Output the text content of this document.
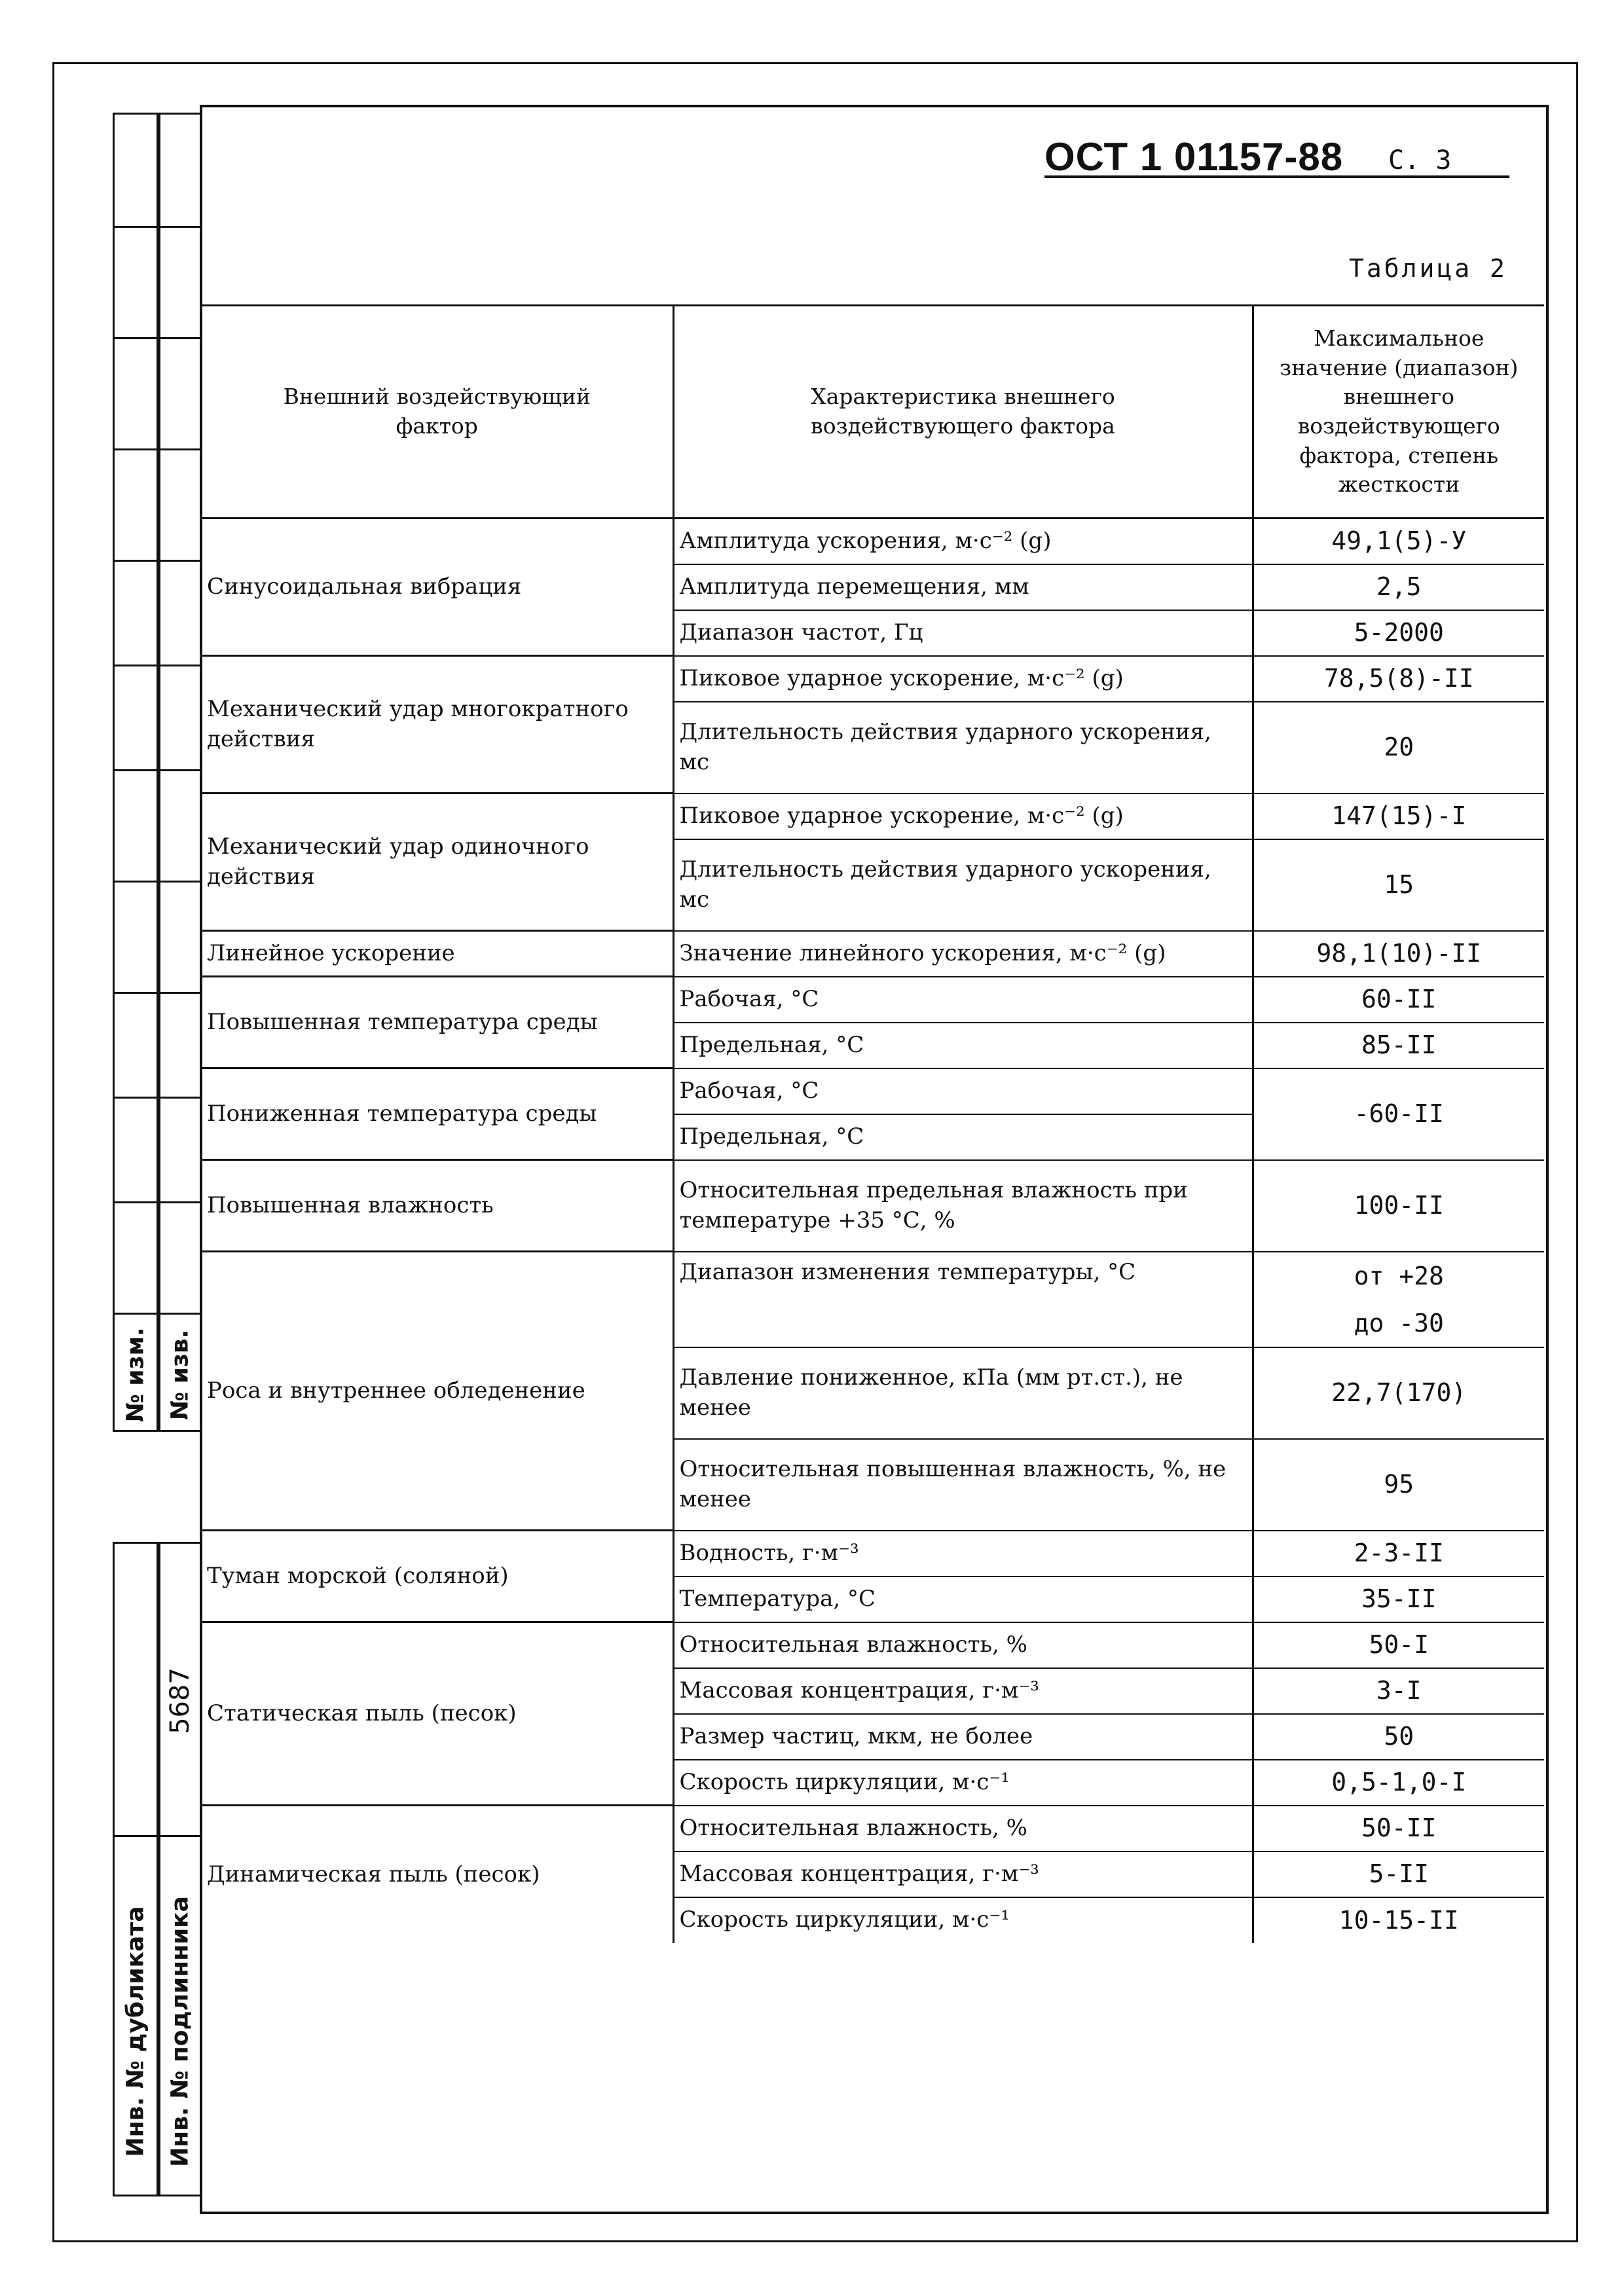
№ изм. № изв.
Инв. № дубликата
5687
Инв. № подлинника
ОСТ 1 01157-88 С. 3
Таблица 2
Внешний воздействующий фактор	Характеристика внешнего воздействующего фактора	Максимальное значение (диапазон) внешнего воздействующего фактора, степень жесткости
Синусоидальная вибрация	Амплитуда ускорения, м·с⁻² (g)	49,1(5)-У
	Амплитуда перемещения, мм	2,5
	Диапазон частот, Гц	5-2000
Механический удар многократного действия	Пиковое ударное ускорение, м·с⁻² (g)	78,5(8)-II
	Длительность действия ударного ускорения, мс	20
Механический удар одиночного действия	Пиковое ударное ускорение, м·с⁻² (g)	147(15)-I
	Длительность действия ударного ускорения, мс	15
Линейное ускорение	Значение линейного ускорения, м·с⁻² (g)	98,1(10)-II
Повышенная температура среды	Рабочая, °С	60-II
	Предельная, °С	85-II
Пониженная температура среды	Рабочая, °С	-60-II
	Предельная, °С	
Повышенная влажность	Относительная предельная влажность при температуре +35 °С, %	100-II
Роса и внутреннее обледенение	Диапазон изменения температуры, °С	от +28 до -30
	Давление пониженное, кПа (мм рт.ст.), не менее	22,7(170)
	Относительная повышенная влажность, %, не менее	95
Туман морской (соляной)	Водность, г·м⁻³	2-3-II
	Температура, °С	35-II
Статическая пыль (песок)	Относительная влажность, %	50-I
	Массовая концентрация, г·м⁻³	3-I
	Размер частиц, мкм, не более	50
	Скорость циркуляции, м·с⁻¹	0,5-1,0-I
Динамическая пыль (песок)	Относительная влажность, %	50-II
	Массовая концентрация, г·м⁻³	5-II
	Скорость циркуляции, м·с⁻¹	10-15-II
